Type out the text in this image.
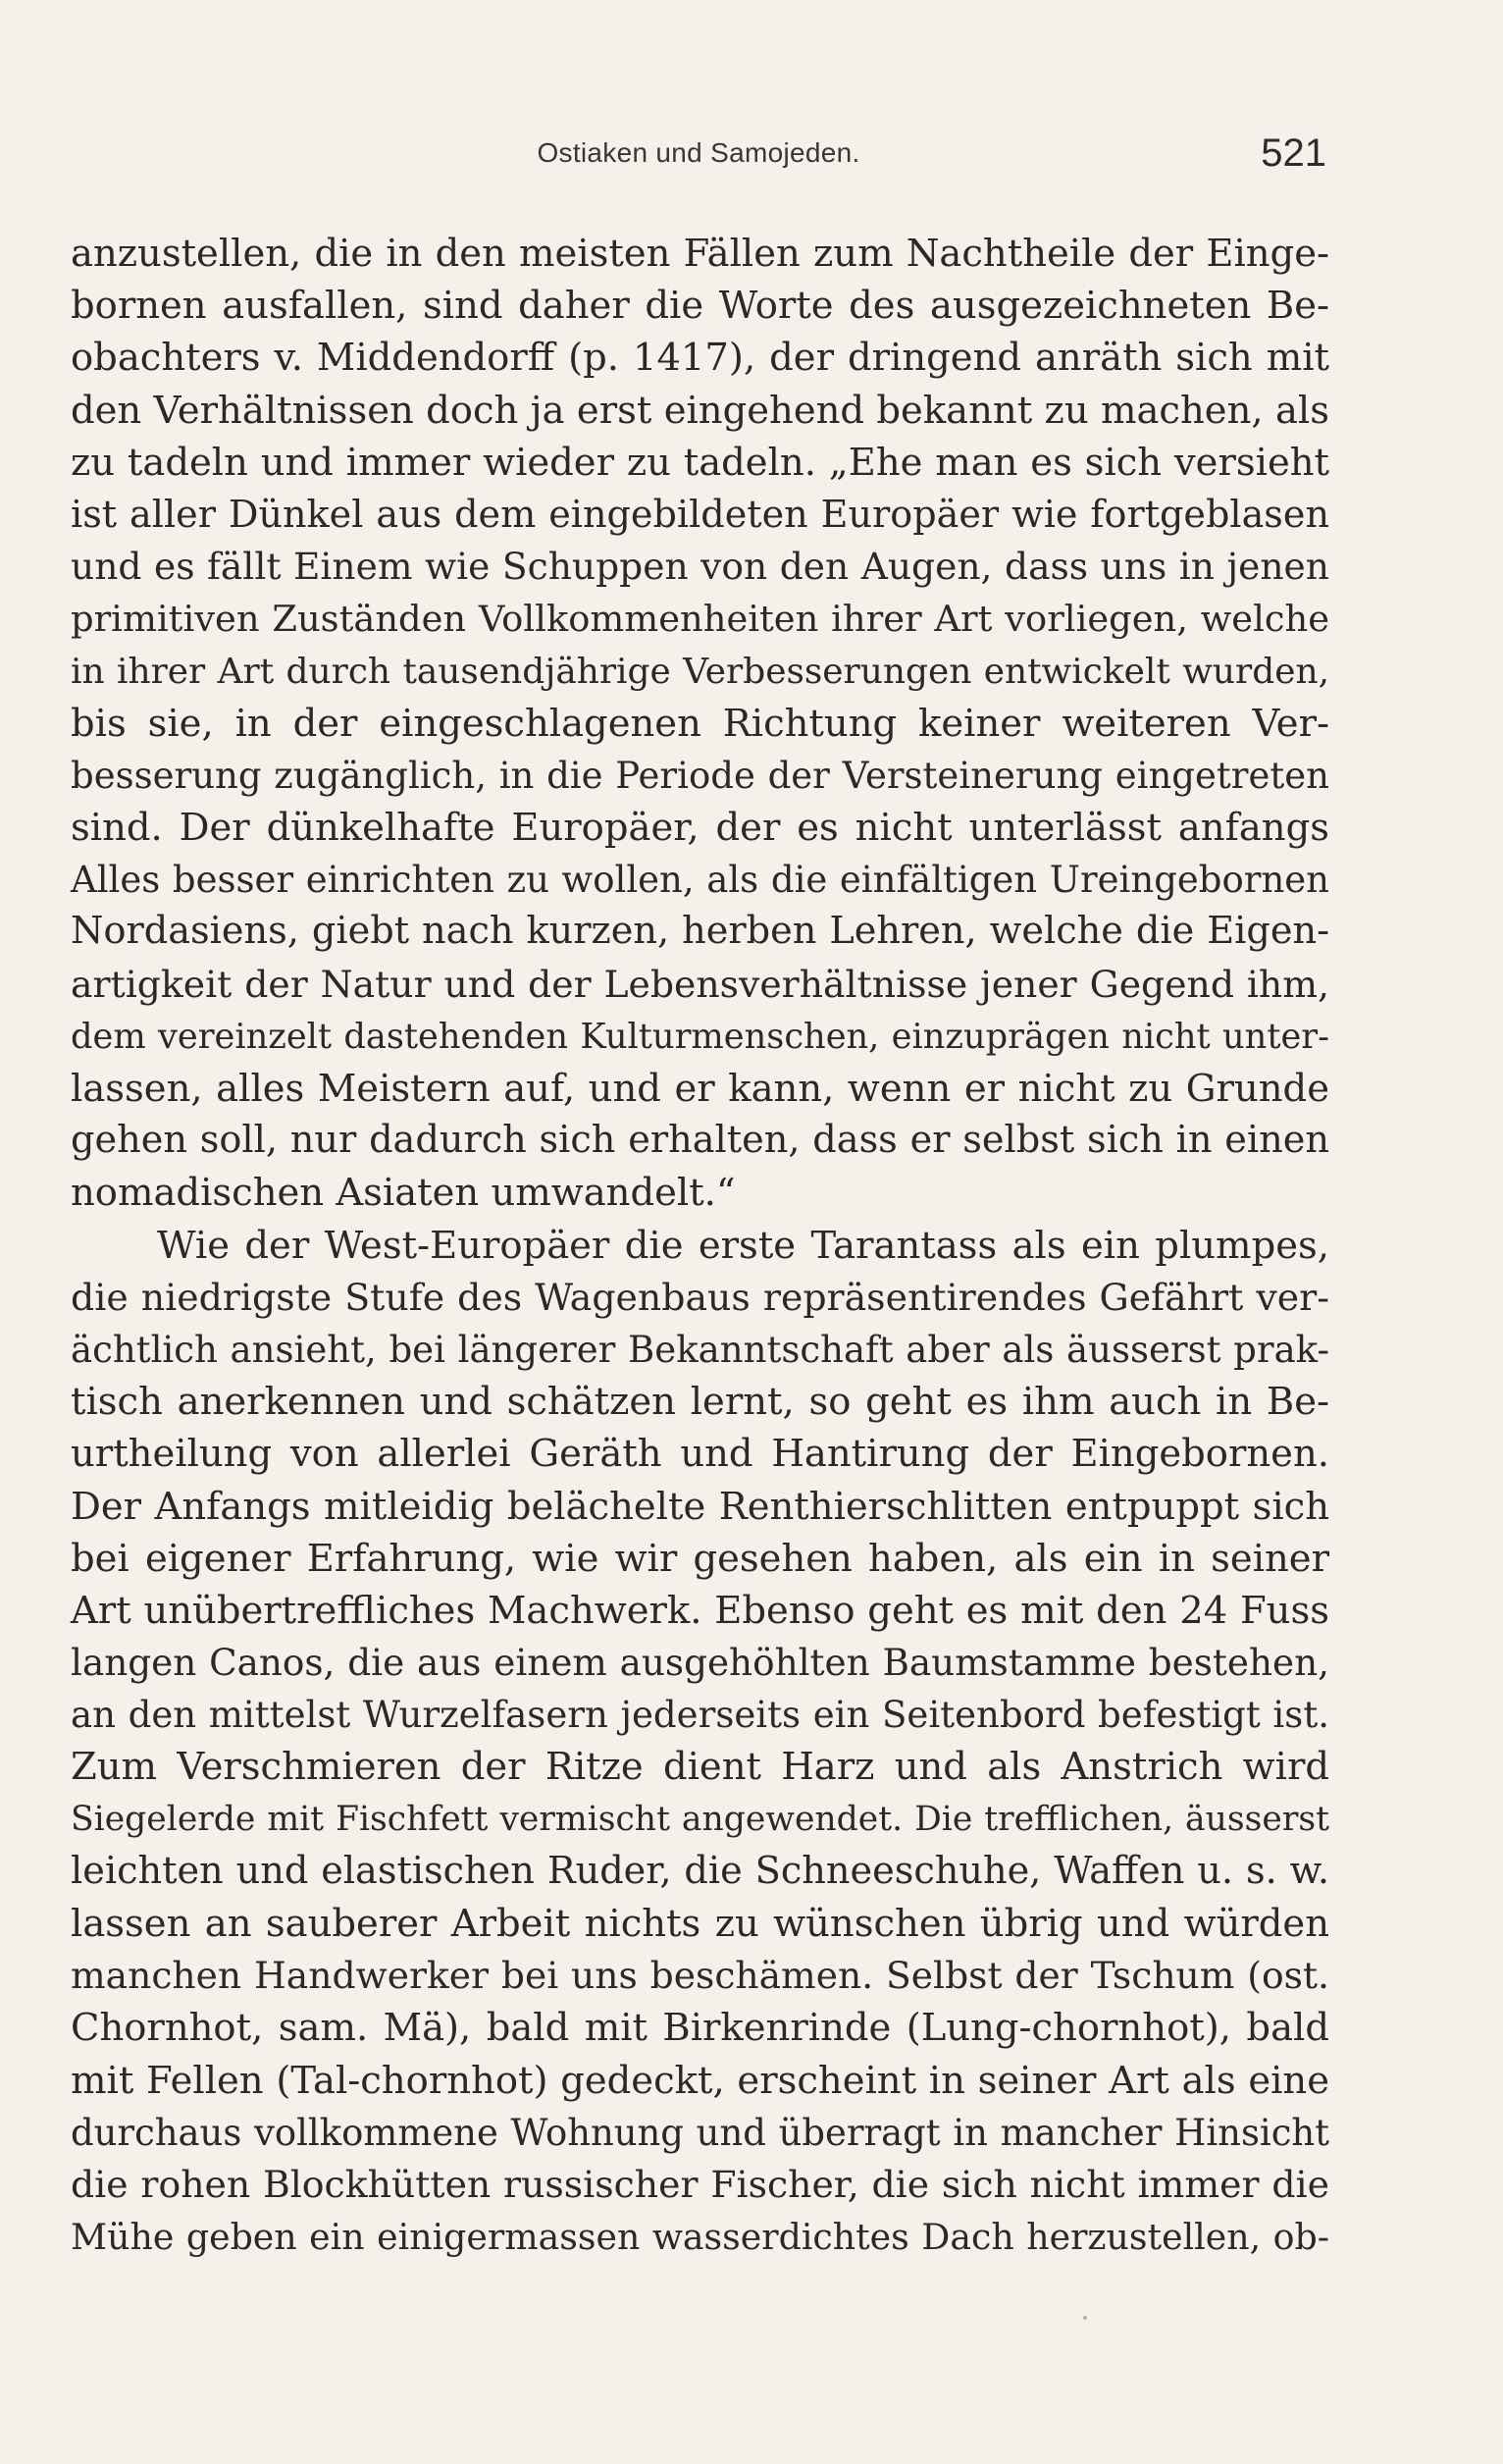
Ostiaken und Samojeden.	521
anzustellen, die in den meisten Fällen zum Nachtheile der Einge-
bornen ausfallen, sind daher die Worte des ausgezeichneten Be-
obachters v. Middendorff (p. 1417), der dringend anräth sich mit
den Verhältnissen doch ja erst eingehend bekannt zu machen, als
zu tadeln und immer wieder zu tadeln. „Ehe man es sich versieht
ist aller Dünkel aus dem eingebildeten Europäer wie fortgeblasen
und es fällt Einem wie Schuppen von den Augen, dass uns in jenen
primitiven Zuständen Vollkommenheiten ihrer Art vorliegen, welche
in ihrer Art durch tausendjährige Verbesserungen entwickelt wurden,
bis sie, in der eingeschlagenen Richtung keiner weiteren Ver-
besserung zugänglich, in die Periode der Versteinerung eingetreten
sind. Der dünkelhafte Europäer, der es nicht unterlässt anfangs
Alles besser einrichten zu wollen, als die einfältigen Ureingebornen
Nordasiens, giebt nach kurzen, herben Lehren, welche die Eigen-
artigkeit der Natur und der Lebensverhältnisse jener Gegend ihm,
dem vereinzelt dastehenden Kulturmenschen, einzuprägen nicht unter-
lassen, alles Meistern auf, und er kann, wenn er nicht zu Grunde
gehen soll, nur dadurch sich erhalten, dass er selbst sich in einen
nomadischen Asiaten umwandelt.“
Wie der West-Europäer die erste Tarantass als ein plumpes,
die niedrigste Stufe des Wagenbaus repräsentirendes Gefährt ver-
ächtlich ansieht, bei längerer Bekanntschaft aber als äusserst prak-
tisch anerkennen und schätzen lernt, so geht es ihm auch in Be-
urtheilung von allerlei Geräth und Hantirung der Eingebornen.
Der Anfangs mitleidig belächelte Renthierschlitten entpuppt sich
bei eigener Erfahrung, wie wir gesehen haben, als ein in seiner
Art unübertreffliches Machwerk. Ebenso geht es mit den 24 Fuss
langen Canos, die aus einem ausgehöhlten Baumstamme bestehen,
an den mittelst Wurzelfasern jederseits ein Seitenbord befestigt ist.
Zum Verschmieren der Ritze dient Harz und als Anstrich wird
Siegelerde mit Fischfett vermischt angewendet. Die trefflichen, äusserst
leichten und elastischen Ruder, die Schneeschuhe, Waffen u. s. w.
lassen an sauberer Arbeit nichts zu wünschen übrig und würden
manchen Handwerker bei uns beschämen. Selbst der Tschum (ost.
Chornhot, sam. Mä), bald mit Birkenrinde (Lung-chornhot), bald
mit Fellen (Tal-chornhot) gedeckt, erscheint in seiner Art als eine
durchaus vollkommene Wohnung und überragt in mancher Hinsicht
die rohen Blockhütten russischer Fischer, die sich nicht immer die
Mühe geben ein einigermassen wasserdichtes Dach herzustellen, ob-
